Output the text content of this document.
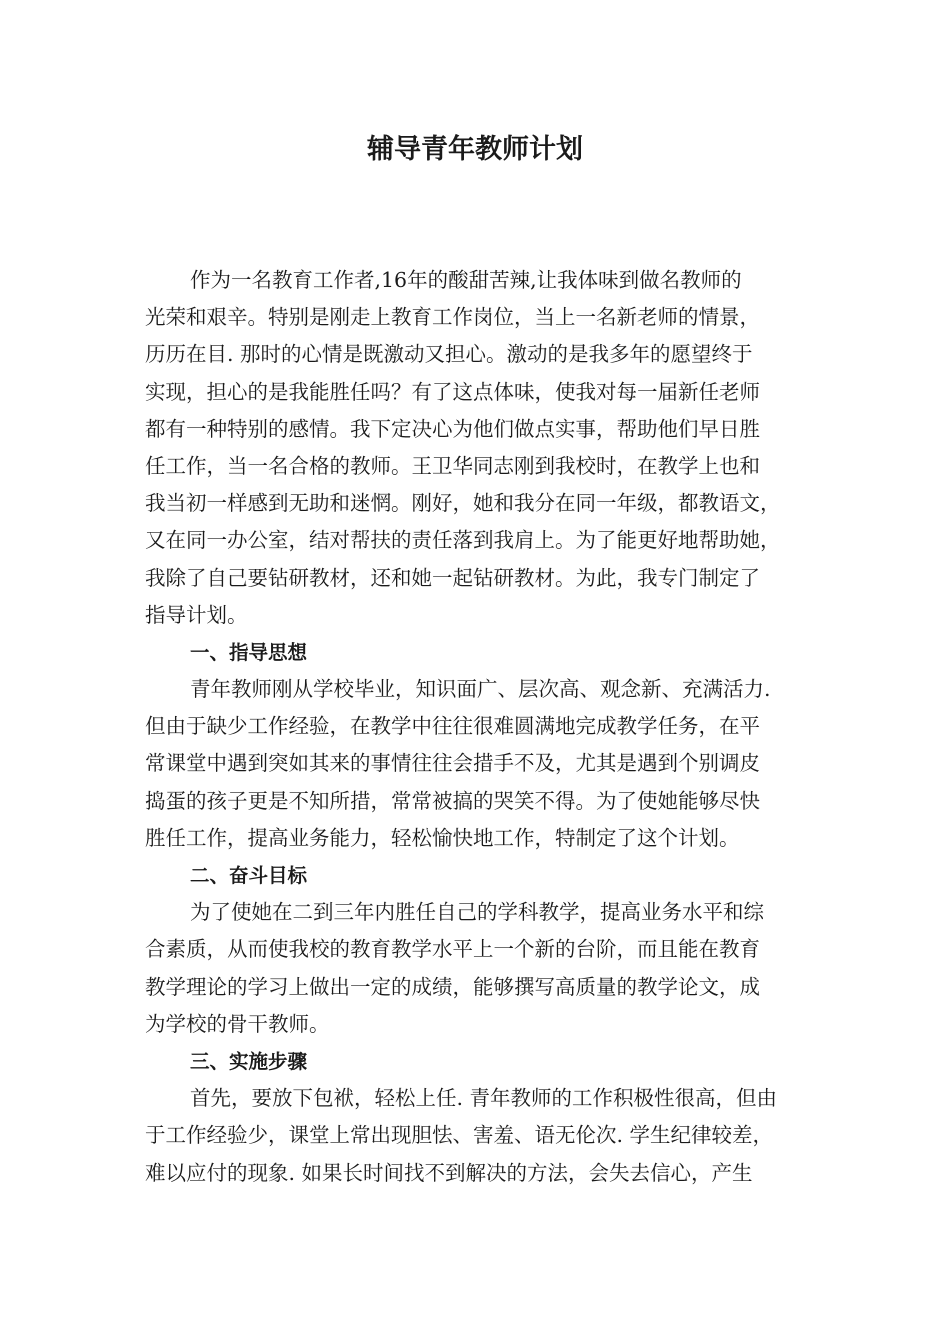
辅导青年教师计划
作为一名教育工作者,16年的酸甜苦辣,让我体味到做名教师的
光荣和艰辛。特别是刚走上教育工作岗位，当上一名新老师的情景，
历历在目. 那时的心情是既激动又担心。激动的是我多年的愿望终于
实现，担心的是我能胜任吗？有了这点体味，使我对每一届新任老师
都有一种特别的感情。我下定决心为他们做点实事，帮助他们早日胜
任工作，当一名合格的教师。王卫华同志刚到我校时，在教学上也和
我当初一样感到无助和迷惘。刚好，她和我分在同一年级，都教语文，
又在同一办公室，结对帮扶的责任落到我肩上。为了能更好地帮助她，
我除了自己要钻研教材，还和她一起钻研教材。为此，我专门制定了
指导计划。
一、指导思想
青年教师刚从学校毕业，知识面广、层次高、观念新、充满活力.
但由于缺少工作经验，在教学中往往很难圆满地完成教学任务，在平
常课堂中遇到突如其来的事情往往会措手不及，尤其是遇到个别调皮
捣蛋的孩子更是不知所措，常常被搞的哭笑不得。为了使她能够尽快
胜任工作，提高业务能力，轻松愉快地工作，特制定了这个计划。
二、奋斗目标
为了使她在二到三年内胜任自己的学科教学，提高业务水平和综
合素质，从而使我校的教育教学水平上一个新的台阶，而且能在教育
教学理论的学习上做出一定的成绩，能够撰写高质量的教学论文，成
为学校的骨干教师。
三、实施步骤
首先，要放下包袱，轻松上任. 青年教师的工作积极性很高，但由
于工作经验少，课堂上常出现胆怯、害羞、语无伦次. 学生纪律较差，
难以应付的现象. 如果长时间找不到解决的方法，会失去信心，产生
